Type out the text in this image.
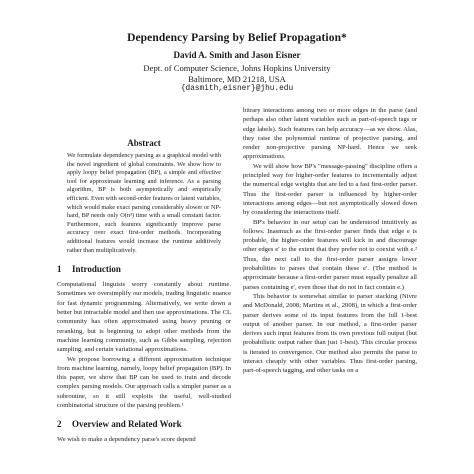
Dependency Parsing by Belief Propagation*
David A. Smith and Jason Eisner
Dept. of Computer Science, Johns Hopkins University
Baltimore, MD 21218, USA
{dasmith,eisner}@jhu.edu
Abstract

We formulate dependency parsing as a graphical model with the novel ingredient of global constraints. We show how to apply loopy belief propagation (BP), a simple and effective tool for approximate learning and inference. As a parsing algorithm, BP is both asymptotically and empirically efficient. Even with second-order features or latent variables, which would make exact parsing considerably slower or NP-hard, BP needs only O(n³) time with a small constant factor. Furthermore, such features significantly improve parse accuracy over exact first-order methods. Incorporating additional features would increase the runtime additively rather than multiplicatively.

1 Introduction

Computational linguists worry constantly about runtime. Sometimes we oversimplify our models, trading linguistic nuance for fast dynamic programming. Alternatively, we write down a better but intractable model and then use approximations. The CL community has often approximated using heavy pruning or reranking, but is beginning to adopt other methods from the machine learning community, such as Gibbs sampling, rejection sampling, and certain variational approximations.

We propose borrowing a different approximation technique from machine learning, namely, loopy belief propagation (BP). In this paper, we show that BP can be used to train and decode complex parsing models. Our approach calls a simpler parser as a subroutine, so it still exploits the useful, well-studied combinatorial structure of the parsing problem.¹

2 Overview and Related Work

We wish to make a dependency parse's score depend

bitrary interactions among two or more edges in the parse (and perhaps also other latent variables such as part-of-speech tags or edge labels). Such features can help accuracy—as we show. Alas, they raise the polynomial runtime of projective parsing, and render non-projective parsing NP-hard. Hence we seek approximations.

We will show how BP's "message-passing" discipline offers a principled way for higher-order features to incrementally adjust the numerical edge weights that are fed to a fast first-order parser. Thus the first-order parser is influenced by higher-order interactions among edges—but not asymptotically slowed down by considering the interactions itself.

BP's behavior in our setup can be understood intuitively as follows. Inasmuch as the first-order parser finds that edge e is probable, the higher-order features will kick in and discourage other edges e′ to the extent that they prefer not to coexist with e.² Thus, the next call to the first-order parser assigns lower probabilities to parses that contain these e′. (The method is approximate because a first-order parser must equally penalize all parses containing e′, even those that do not in fact contain e.)

This behavior is somewhat similar to parser stacking (Nivre and McDonald, 2008; Martins et al., 2008), in which a first-order parser derives some of its input features from the full 1-best output of another parser. In our method, a first-order parser derives such input features from its own previous full output (but probabilistic output rather than just 1-best). This circular process is iterated to convergence. Our method also permits the parse to interact cheaply with other variables. Thus first-order parsing, part-of-speech tagging, and other tasks on a
